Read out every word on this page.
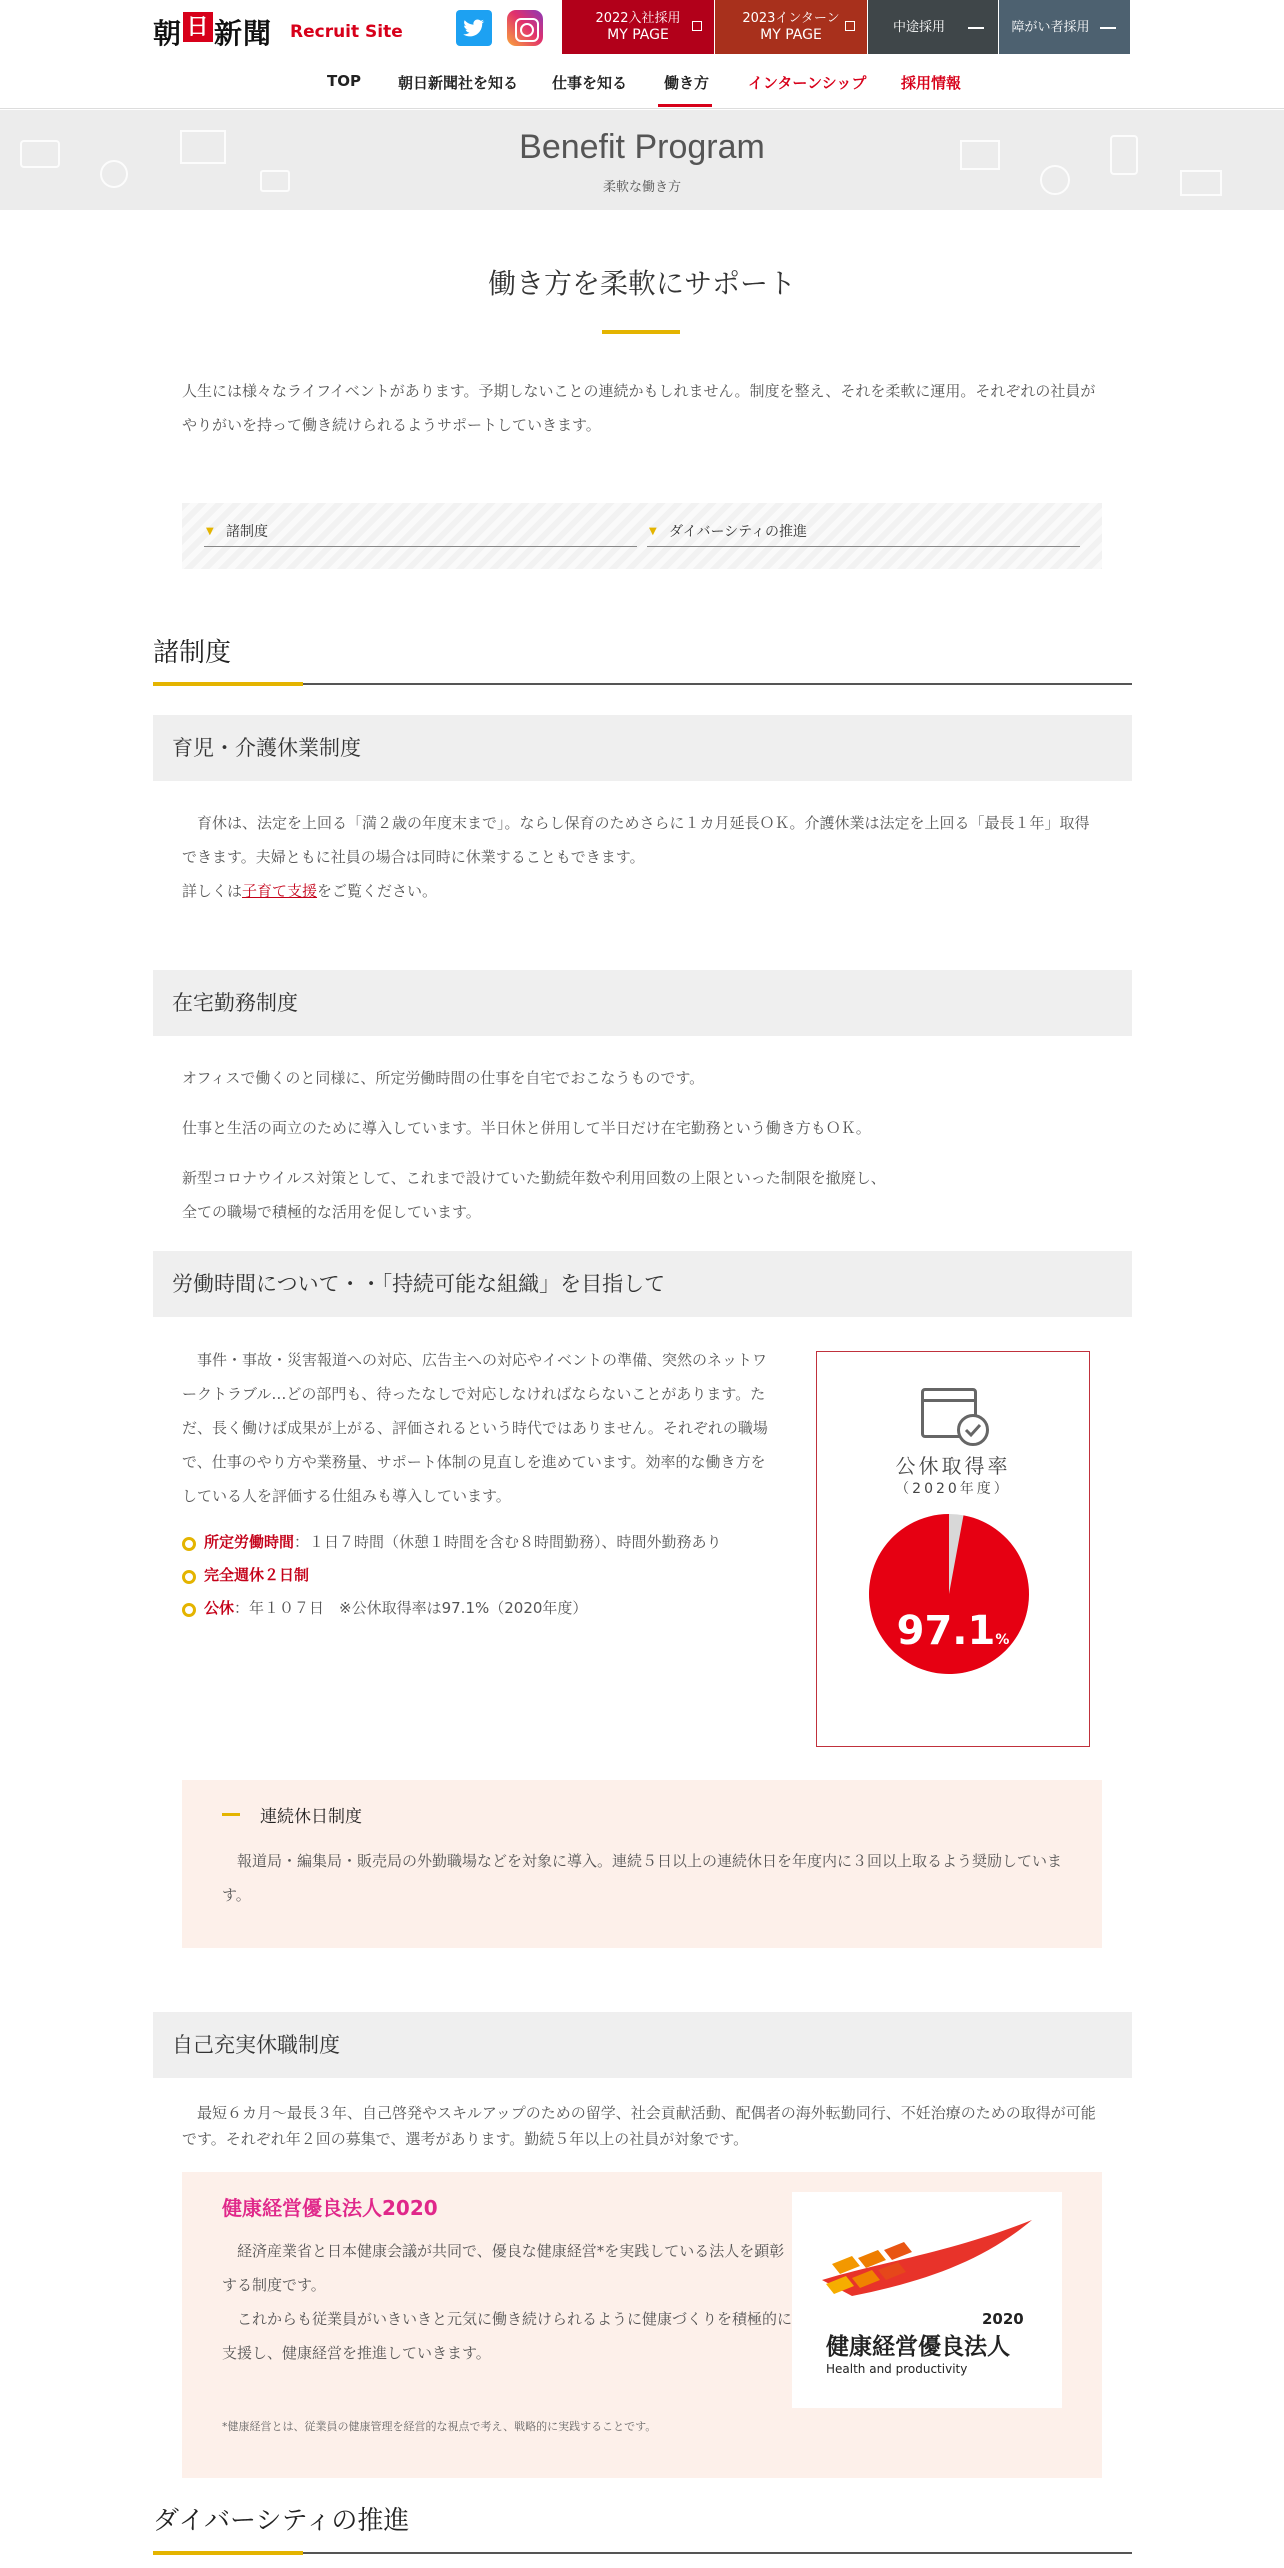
朝 日 新聞 Recruit Site
2022入社採用
MY PAGE
2023インターン
MY PAGE	中途採用	障がい者採用
TOP 朝日新聞社を知る 仕事を知る 働き方	インターンシップ 採用情報
Benefit Program
柔軟な働き方
働き方を柔軟にサポート
人生には様々なライフイベントがあります。予期しないことの連続かもしれません。制度を整え、それを柔軟に運用。それぞれの社員がやりがいを持って働き続けられるようサポートしていきます。
▼ 諸制度
▼	ダイバーシティの推進
諸制度
育児・介護休業制度
育休は、法定を上回る「満２歳の年度末まで」。ならし保育のためさらに１カ月延長ＯＫ。介護休業は法定を上回る「最長１年」取得できます。夫婦ともに社員の場合は同時に休業することもできます。
詳しくは子育て支援をご覧ください。
在宅勤務制度
オフィスで働くのと同様に、所定労働時間の仕事を自宅でおこなうものです。
仕事と生活の両立のために導入しています。半日休と併用して半日だけ在宅勤務という働き方もＯＫ。
新型コロナウイルス対策として、これまで設けていた勤続年数や利用回数の上限といった制限を撤廃し、
全ての職場で積極的な活用を促しています。
労働時間について・・「持続可能な組織」を目指して
事件・事故・災害報道への対応、広告主への対応やイベントの準備、突然のネットワークトラブル…どの部門も、待ったなしで対応しなければならないことがあります。ただ、長く働けば成果が上がる、評価されるという時代ではありません。それぞれの職場で、仕事のやり方や業務量、サポート体制の見直しを進めています。効率的な働き方をしている人を評価する仕組みも導入しています。
所定労働時間：１日７時間（休憩１時間を含む８時間勤務）、時間外勤務あり
完全週休２日制
公休：年１０７日　※公休取得率は97.1%（2020年度）
公休取得率
（2020年度）
97.1%
連続休日制度
報道局・編集局・販売局の外勤職場などを対象に導入。連続５日以上の連続休日を年度内に３回以上取るよう奨励しています。
自己充実休職制度
最短６カ月〜最長３年、自己啓発やスキルアップのための留学、社会貢献活動、配偶者の海外転勤同行、不妊治療のための取得が可能です。それぞれ年２回の募集で、選考があります。勤続５年以上の社員が対象です。
健康経営優良法人2020
経済産業省と日本健康会議が共同で、優良な健康経営*を実践している法人を顕彰する制度です。
これからも従業員がいきいきと元気に働き続けられるように健康づくりを積極的に支援し、健康経営を推進していきます。
*健康経営とは、従業員の健康管理を経営的な視点で考え、戦略的に実践することです。
2020
健康経営優良法人
Health and productivity
ダイバーシティの推進
